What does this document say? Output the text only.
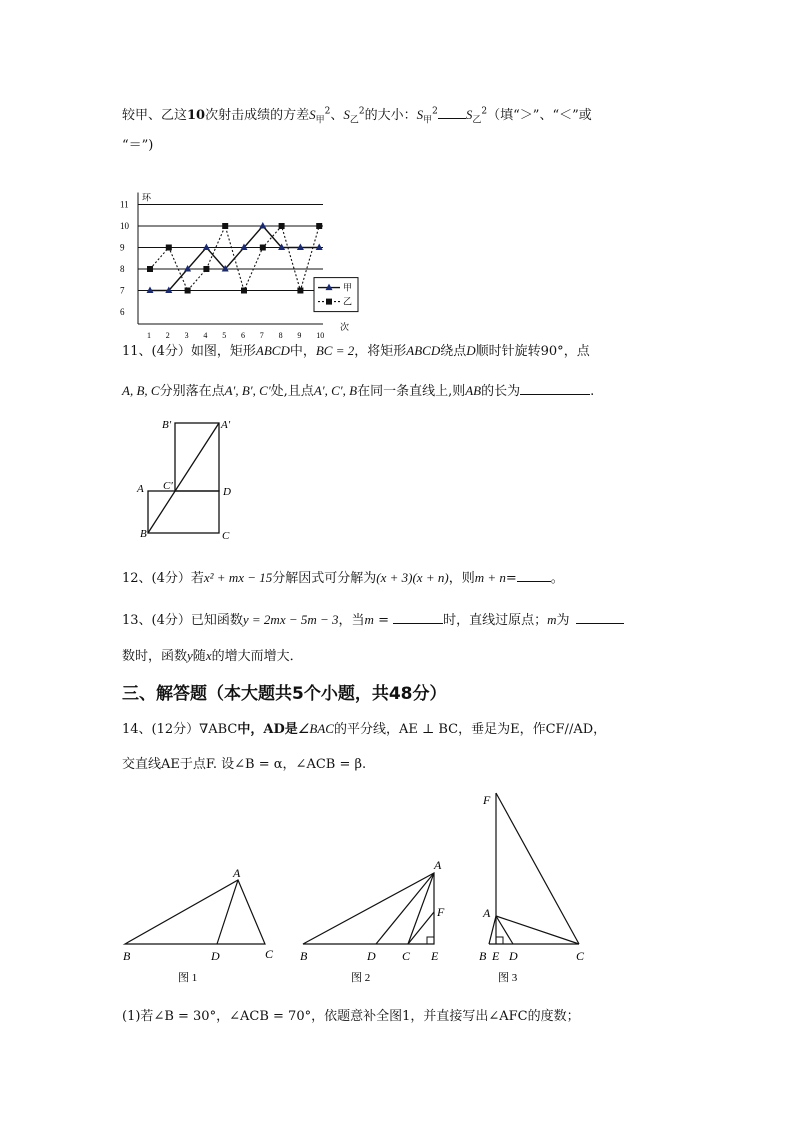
较甲、乙这10次射击成绩的方差$S_甲^2$、$S_乙^2$的大小：$S_甲^2$ $S_乙^2$（填“＞”、“＜”或
“＝”)
环
次
6
7
8
9
10
11
1 2 3 4 5 6 7 8 9 10
甲
乙
11、(4分）如图，矩形ABCD中，BC = 2，将矩形ABCD绕点D顺时针旋转90°，点
A, B, C分别落在点A′, B′, C′处,且点A′, C′, B在同一条直线上,则AB的长为	.
B′	A′
A C′	D
B	C
12、(4分）若x² + mx − 15分解因式可分解为(x + 3)(x + n)，则m + n=	。
13、(4分）已知函数y = 2mx − 5m − 3，当m =	时，直线过原点；m为
数时，函数y随x的增大而增大．
三、解答题（本大题共5个小题，共48分）
14、(12分）∇ABC中，AD是∠BAC的平分线，AE ⊥ BC，垂足为E，作CF//AD，
交直线AE于点F. 设∠B = α，∠ACB = β.
A
B	D	C
图 1
A
F
B	D C E
图 2
F
A
B E D	C
图 3
(1)若∠B = 30°，∠ACB = 70°，依题意补全图1，并直接写出∠AFC的度数；
